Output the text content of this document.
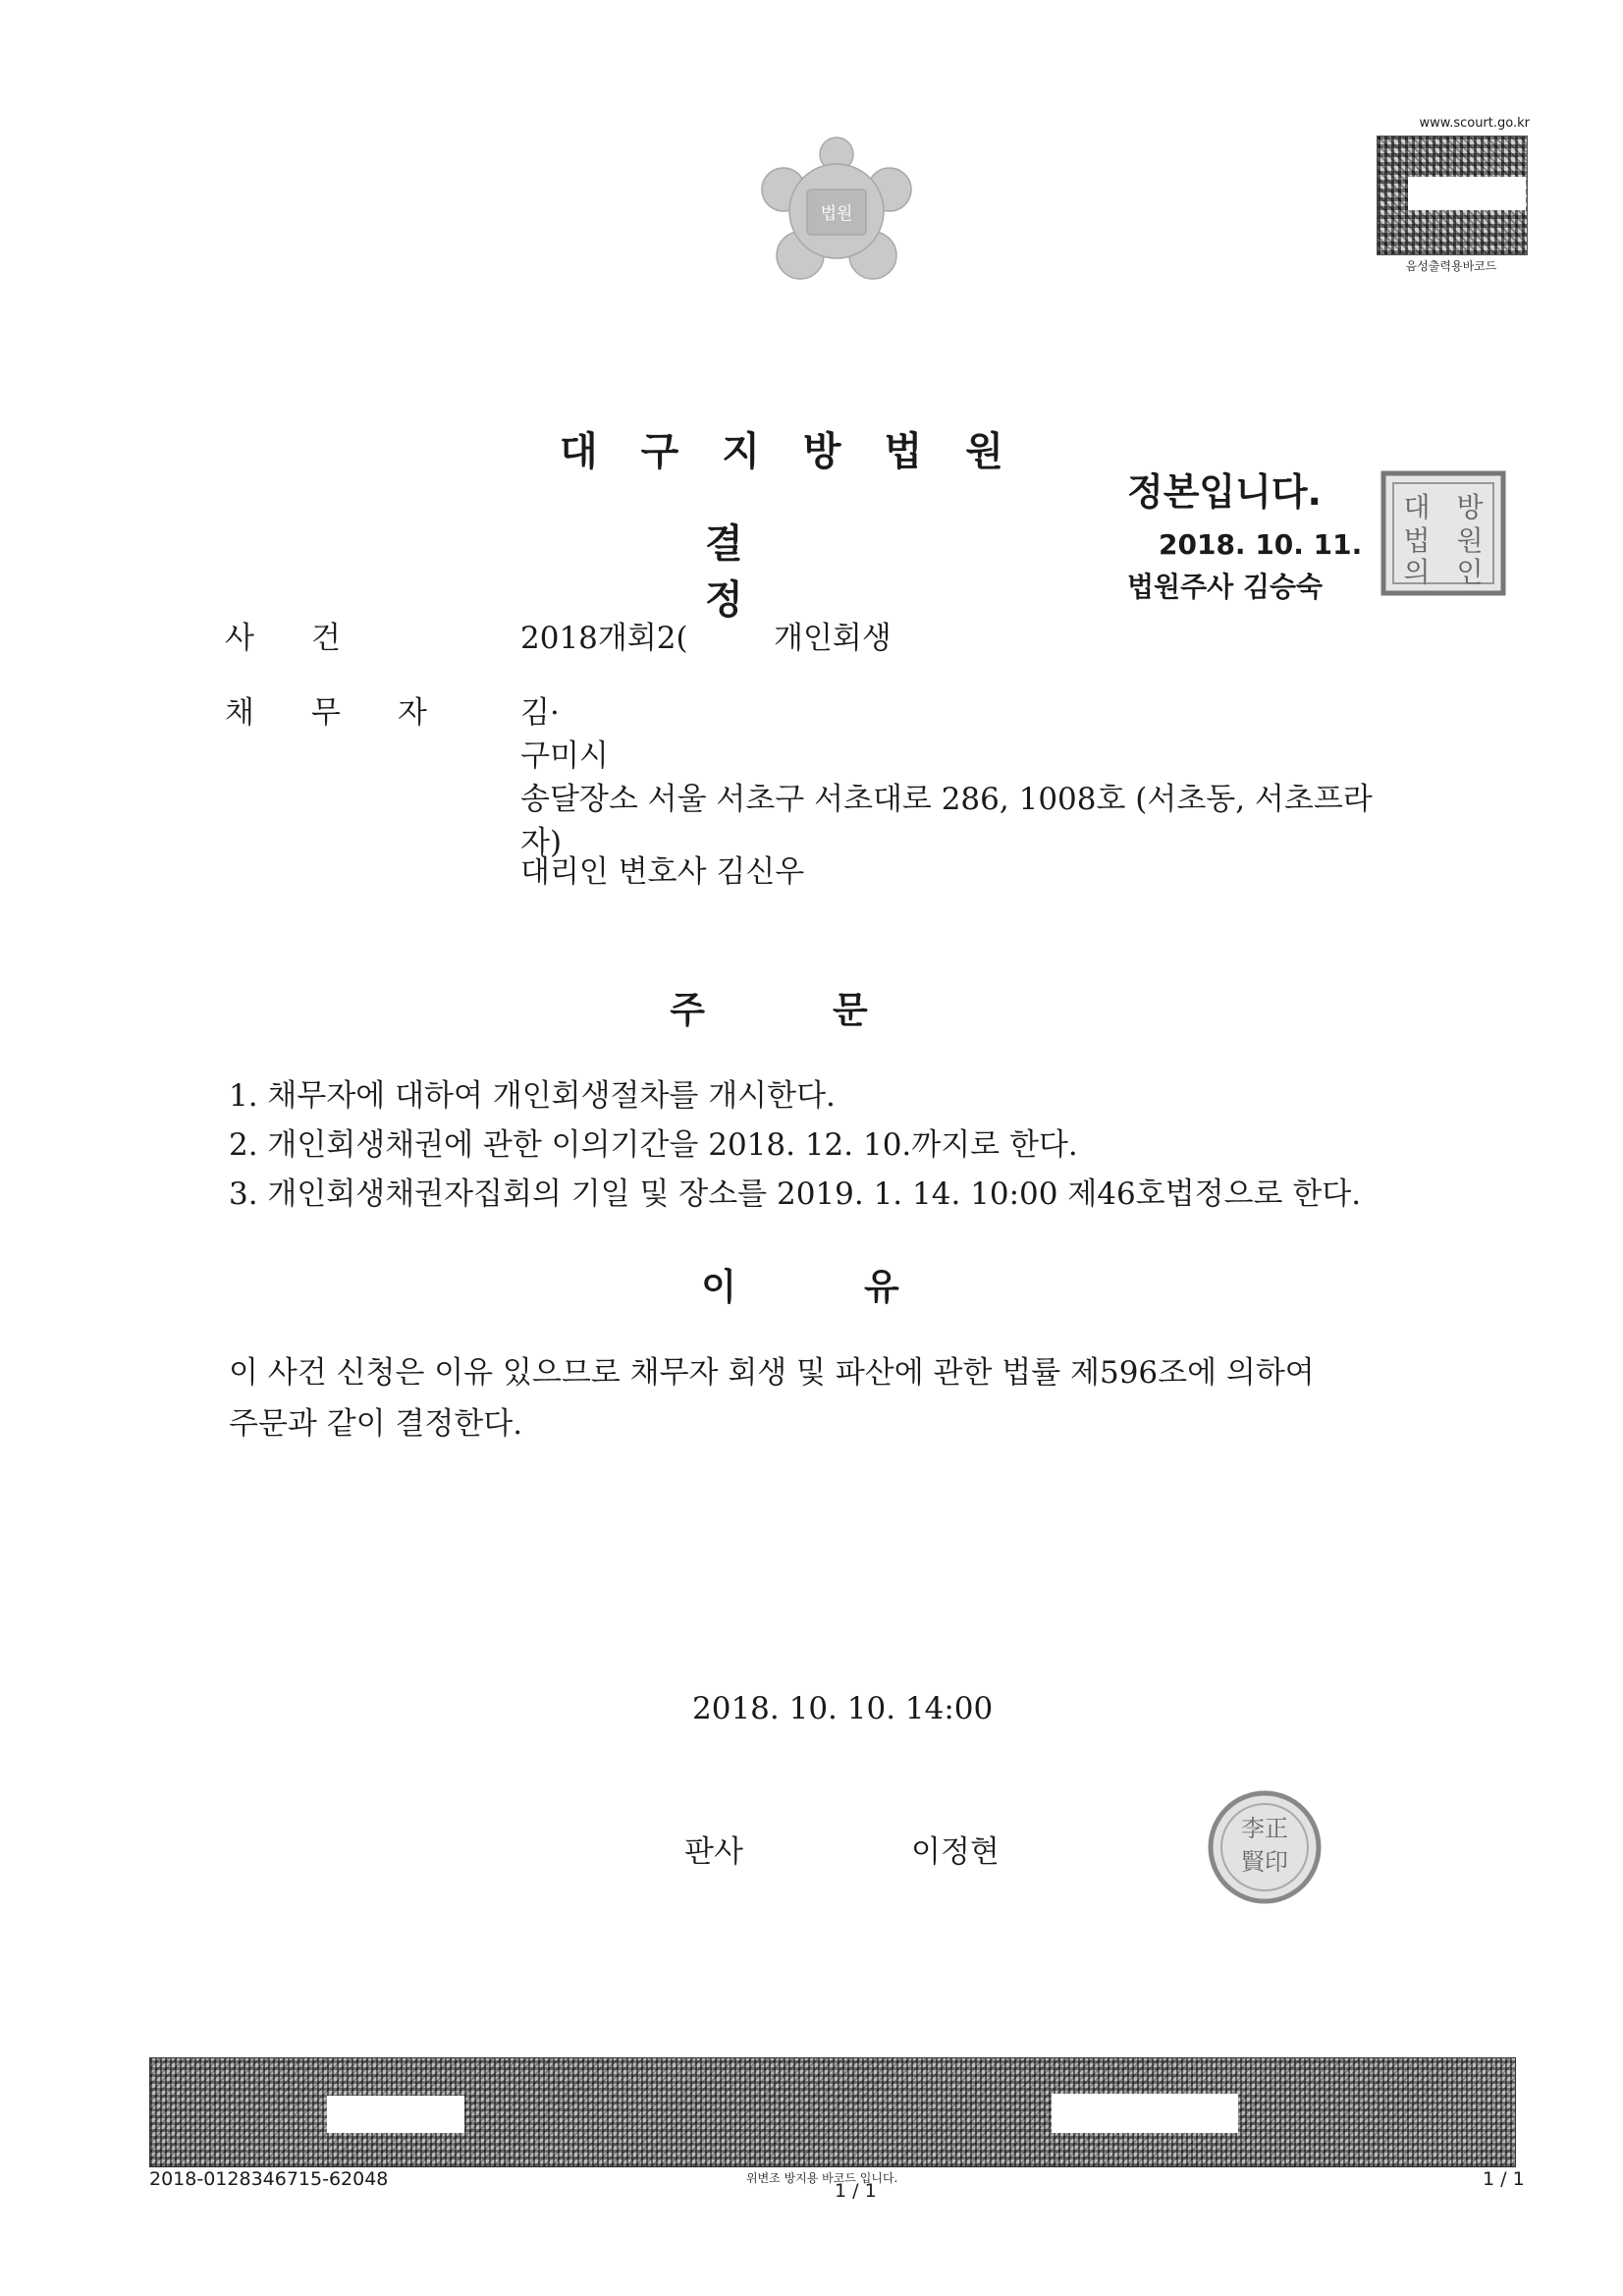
법원
www.scourt.go.kr
음성출력용바코드
대구지방법원
결정
정본입니다.
2018. 10. 11.
법원주사 김승숙
대 방
법 원
의 인
사건	2018개회2(	개인회생
채무자 김·
구미시
송달장소 서울 서초구 서초대로 286, 1008호 (서초동, 서초프라
자)
대리인 변호사 김신우
주문
1. 채무자에 대하여 개인회생절차를 개시한다.
2. 개인회생채권에 관한 이의기간을 2018. 12. 10.까지로 한다.
3. 개인회생채권자집회의 기일 및 장소를 2019. 1. 14. 10:00 제46호법정으로 한다.
이유
이 사건 신청은 이유 있으므로 채무자 회생 및 파산에 관한 법률 제596조에 의하여
주문과 같이 결정한다.
2018. 10. 10. 14:00
판사	이정현
李正
賢印
2018-0128346715-62048	위변조 방지용 바코드 입니다.
1 / 1
1 / 1
